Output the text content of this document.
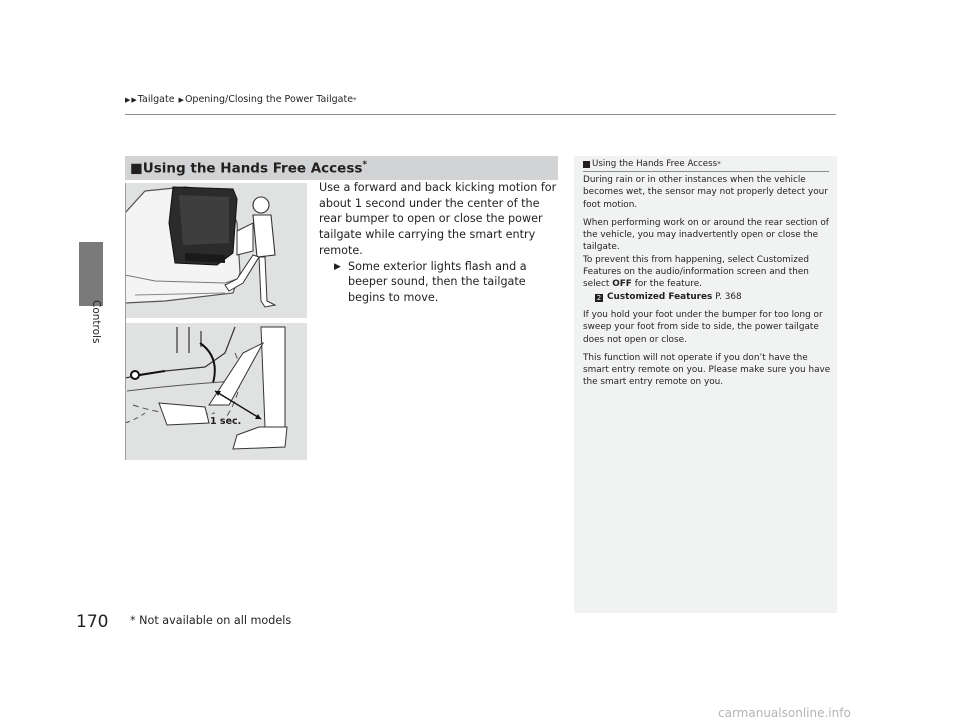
▶ ▶ Tailgate ▶ Opening/Closing the Power Tailgate *
Controls
170
■Using the Hands Free Access*

Use a forward and back kicking motion for about 1 second under the center of the rear bumper to open or close the power tailgate while carrying the smart entry remote.

▶ Some exterior lights flash and a beeper sound, then the tailgate begins to move.
1 sec.
Using the Hands Free Access *

During rain or in other instances when the vehicle becomes wet, the sensor may not properly detect your foot motion.

When performing work on or around the rear section of the vehicle, you may inadvertently open or close the tailgate.
To prevent this from happening, select Customized Features on the audio/information screen and then select OFF for the feature.

2 Customized Features P. 368

If you hold your foot under the bumper for too long or sweep your foot from side to side, the power tailgate does not open or close.

This function will not operate if you don’t have the smart entry remote on you. Please make sure you have the smart entry remote on you.

* Not available on all models
carmanualsonline.info
